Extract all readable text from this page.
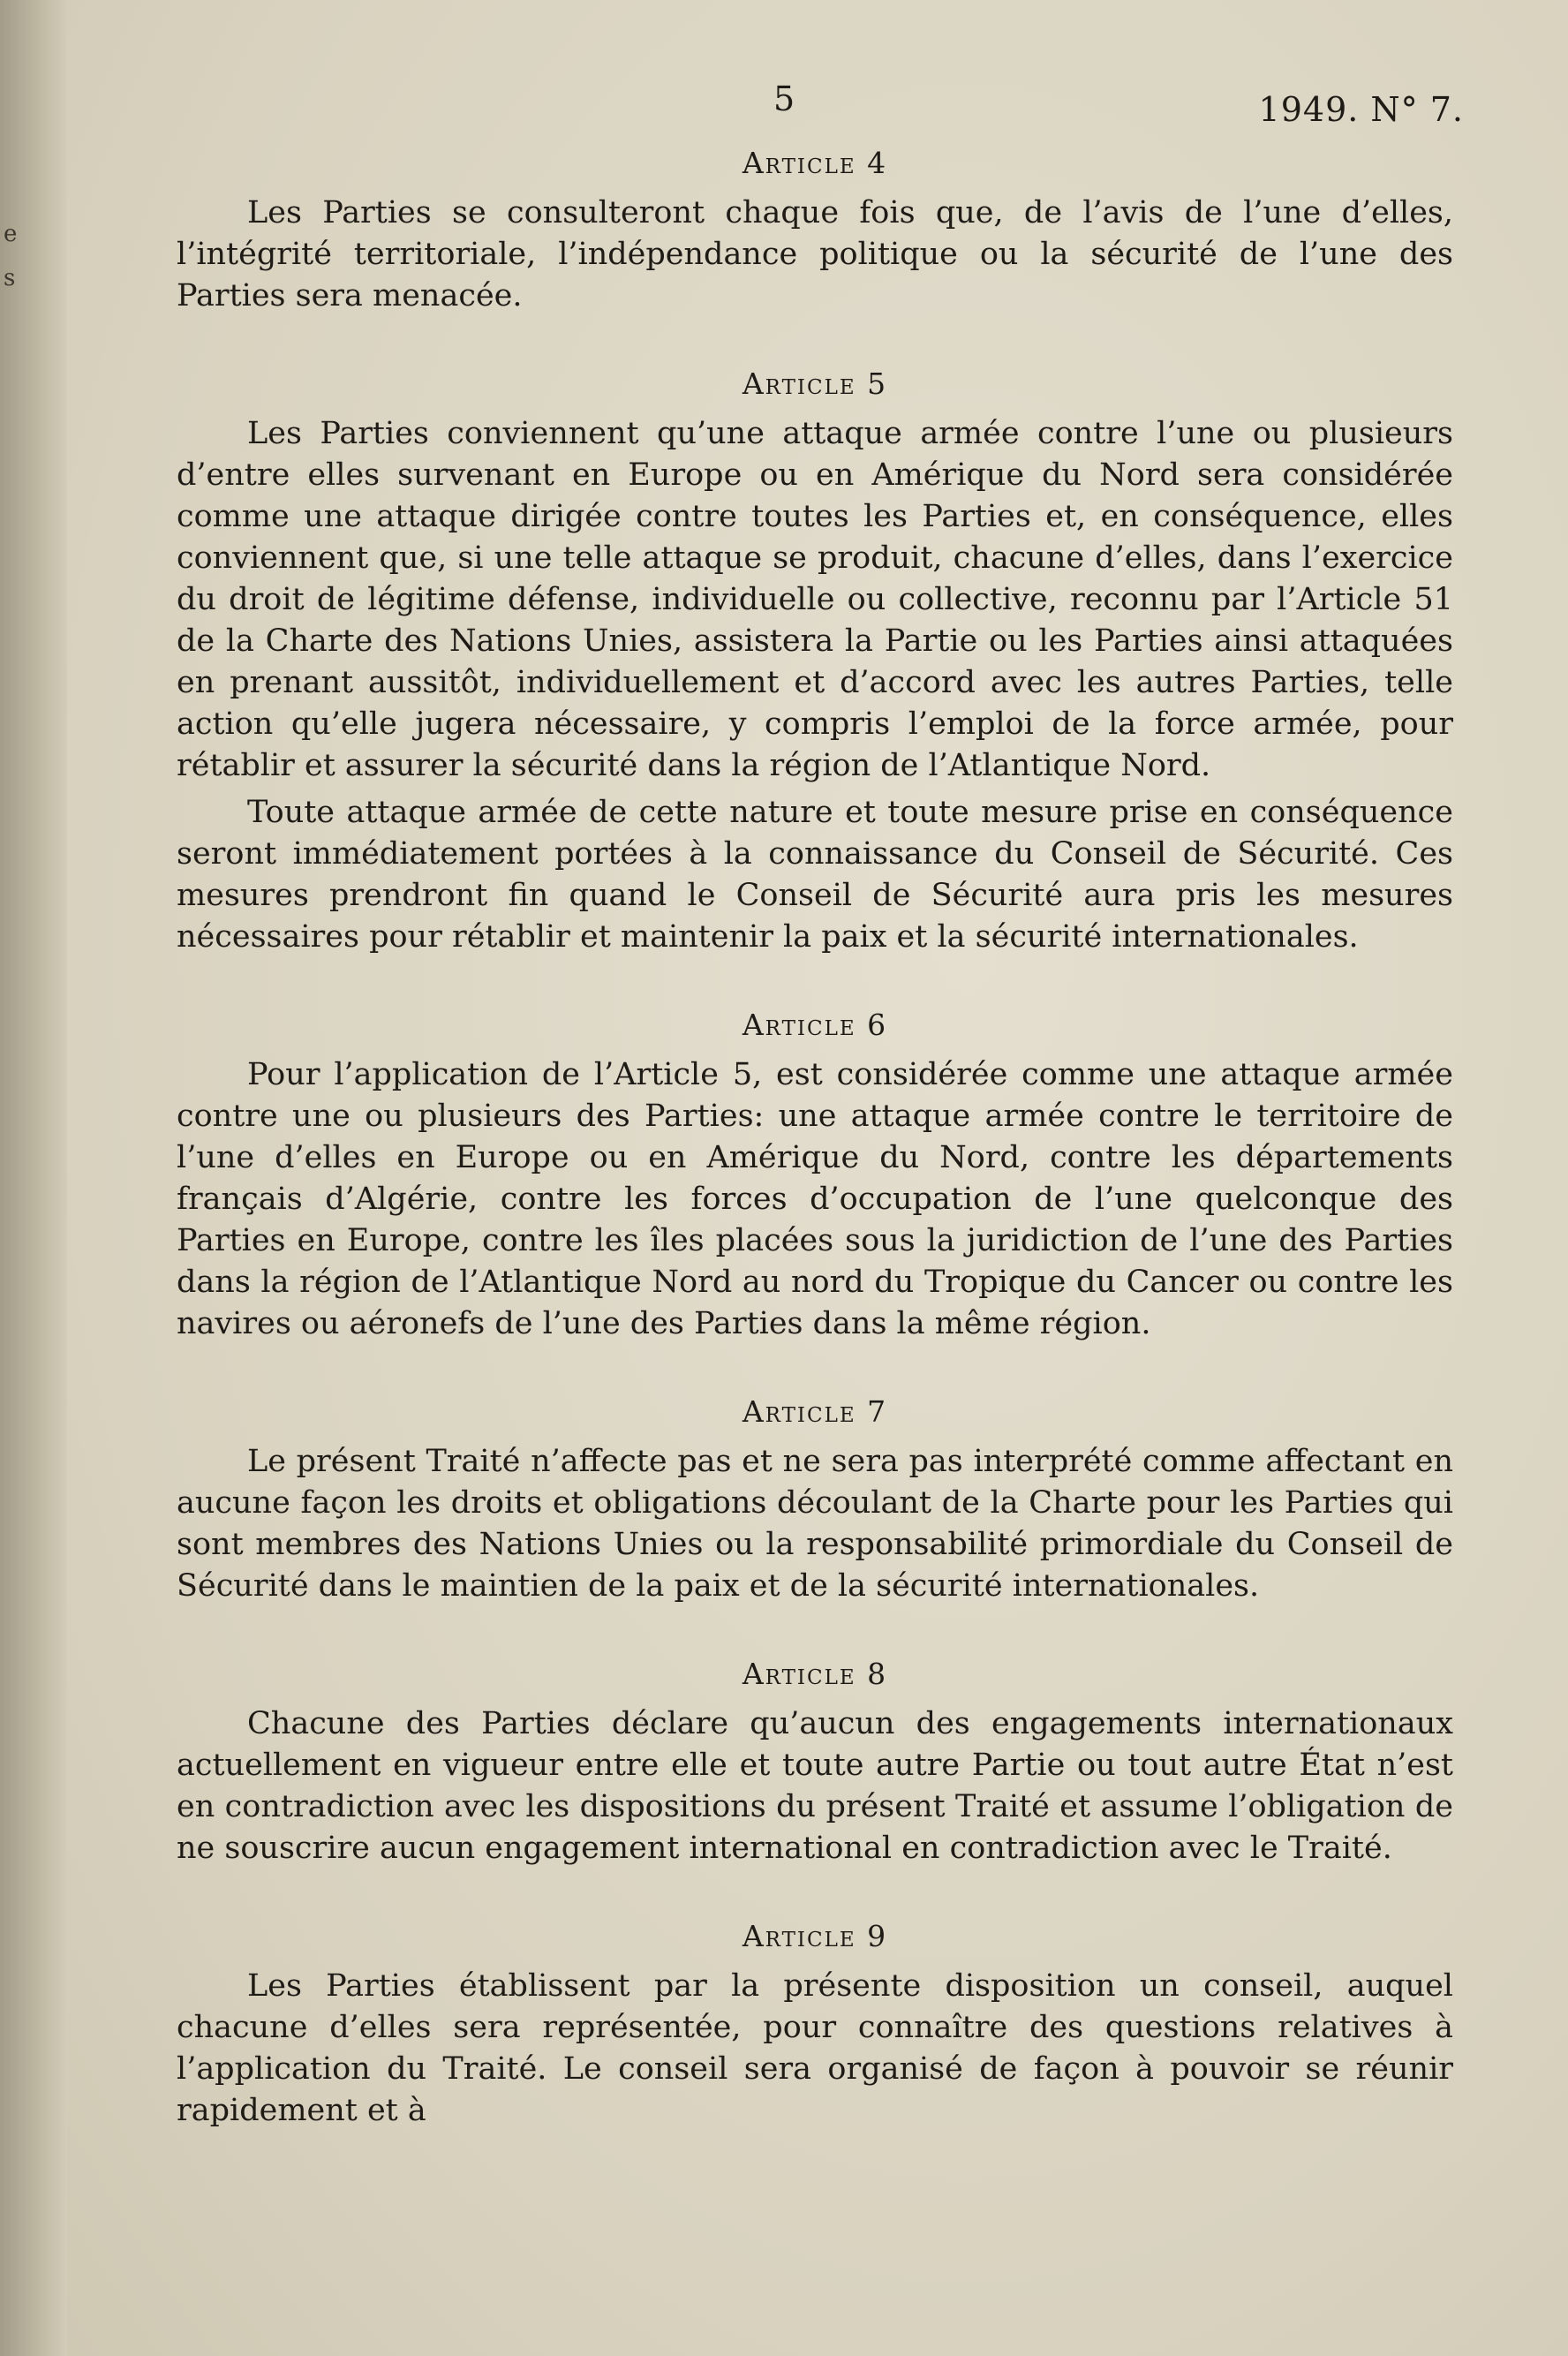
e
s
5	1949. N° 7.
Article 4

Les Parties se consulteront chaque fois que, de l’avis de l’une d’elles, l’intégrité territoriale, l’indépendance politique ou la sécurité de l’une des Parties sera menacée.

Article 5

Les Parties conviennent qu’une attaque armée contre l’une ou plusieurs d’entre elles survenant en Europe ou en Amérique du Nord sera considérée comme une attaque dirigée contre toutes les Parties et, en conséquence, elles conviennent que, si une telle attaque se produit, chacune d’elles, dans l’exercice du droit de légitime défense, individuelle ou collective, reconnu par l’Article 51 de la Charte des Nations Unies, assistera la Partie ou les Parties ainsi attaquées en prenant aussitôt, individuellement et d’accord avec les autres Parties, telle action qu’elle jugera nécessaire, y compris l’emploi de la force armée, pour rétablir et assurer la sécurité dans la région de l’Atlantique Nord.

Toute attaque armée de cette nature et toute mesure prise en conséquence seront immédiatement portées à la connaissance du Conseil de Sécurité. Ces mesures prendront fin quand le Conseil de Sécurité aura pris les mesures nécessaires pour rétablir et maintenir la paix et la sécurité internationales.

Article 6

Pour l’application de l’Article 5, est considérée comme une attaque armée contre une ou plusieurs des Parties: une attaque armée contre le territoire de l’une d’elles en Europe ou en Amérique du Nord, contre les départements français d’Algérie, contre les forces d’occupation de l’une quelconque des Parties en Europe, contre les îles placées sous la juridiction de l’une des Parties dans la région de l’Atlantique Nord au nord du Tropique du Cancer ou contre les navires ou aéronefs de l’une des Parties dans la même région.

Article 7

Le présent Traité n’affecte pas et ne sera pas interprété comme affectant en aucune façon les droits et obligations découlant de la Charte pour les Parties qui sont membres des Nations Unies ou la responsabilité primordiale du Conseil de Sécurité dans le maintien de la paix et de la sécurité internationales.

Article 8

Chacune des Parties déclare qu’aucun des engagements internationaux actuellement en vigueur entre elle et toute autre Partie ou tout autre État n’est en contradiction avec les dispositions du présent Traité et assume l’obligation de ne souscrire aucun engagement international en contradiction avec le Traité.

Article 9

Les Parties établissent par la présente disposition un conseil, auquel chacune d’elles sera représentée, pour connaître des questions relatives à l’application du Traité. Le conseil sera organisé de façon à pouvoir se réunir rapidement et à
